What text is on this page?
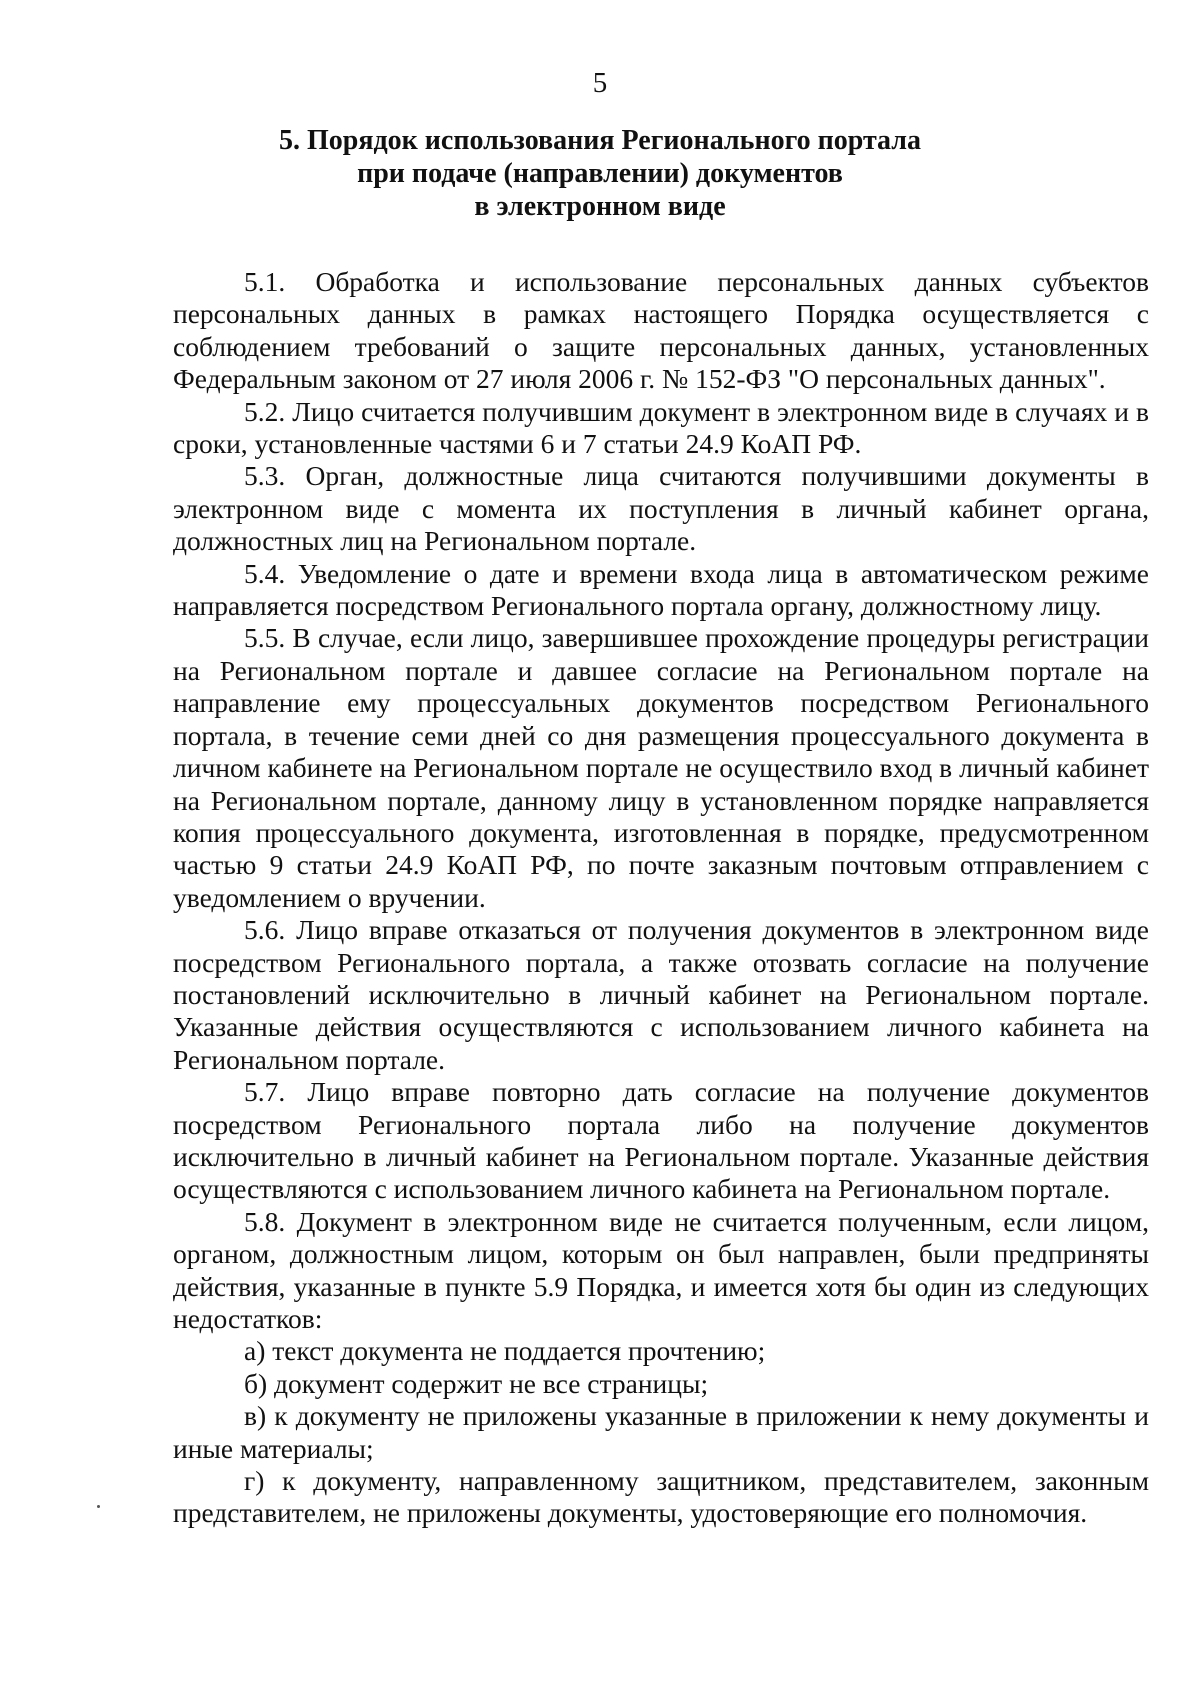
5
5. Порядок использования Регионального портала
при подаче (направлении) документов
в электронном виде

5.1. Обработка и использование персональных данных субъектов персональных данных в рамках настоящего Порядка осуществляется с соблюдением требований о защите персональных данных, установленных Федеральным законом от 27 июля 2006 г. № 152-ФЗ "О персональных данных".

5.2. Лицо считается получившим документ в электронном виде в случаях и в сроки, установленные частями 6 и 7 статьи 24.9 КоАП РФ.

5.3. Орган, должностные лица считаются получившими документы в электронном виде с момента их поступления в личный кабинет органа, должностных лиц на Региональном портале.

5.4. Уведомление о дате и времени входа лица в автоматическом режиме направляется посредством Регионального портала органу, должностному лицу.

5.5. В случае, если лицо, завершившее прохождение процедуры регистрации на Региональном портале и давшее согласие на Региональном портале на направление ему процессуальных документов посредством Регионального портала, в течение семи дней со дня размещения процессуального документа в личном кабинете на Региональном портале не осуществило вход в личный кабинет на Региональном портале, данному лицу в установленном порядке направляется копия процессуального документа, изготовленная в порядке, предусмотренном частью 9 статьи 24.9 КоАП РФ, по почте заказным почтовым отправлением с уведомлением о вручении.

5.6. Лицо вправе отказаться от получения документов в электронном виде посредством Регионального портала, а также отозвать согласие на получение постановлений исключительно в личный кабинет на Региональном портале. Указанные действия осуществляются с использованием личного кабинета на Региональном портале.

5.7. Лицо вправе повторно дать согласие на получение документов посредством Регионального портала либо на получение документов исключительно в личный кабинет на Региональном портале. Указанные действия осуществляются с использованием личного кабинета на Региональном портале.

5.8. Документ в электронном виде не считается полученным, если лицом, органом, должностным лицом, которым он был направлен, были предприняты действия, указанные в пункте 5.9 Порядка, и имеется хотя бы один из следующих недостатков:

а) текст документа не поддается прочтению;

б) документ содержит не все страницы;

в) к документу не приложены указанные в приложении к нему документы и иные материалы;

г) к документу, направленному защитником, представителем, законным представителем, не приложены документы, удостоверяющие его полномочия.
